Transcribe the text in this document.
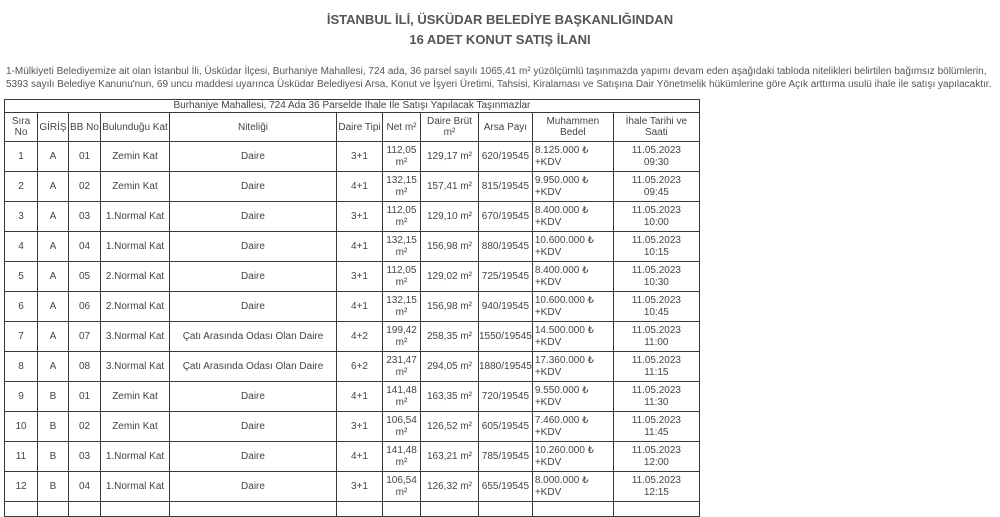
İSTANBUL İLİ, ÜSKÜDAR BELEDİYE BAŞKANLIĞINDAN
16 ADET KONUT SATIŞ İLANI

1-Mülkiyeti Belediyemize ait olan İstanbul İli, Üsküdar İlçesi, Burhaniye Mahallesi, 724 ada, 36 parsel sayılı 1065,41 m² yüzölçümlü taşınmazda yapımı devam eden aşağıdaki tabloda nitelikleri belirtilen bağımsız bölümlerin, 5393 sayılı Belediye Kanunu'nun, 69 uncu maddesi uyarınca Üsküdar Belediyesi Arsa, Konut ve İşyeri Üretimi, Tahsisi, Kiralaması ve Satışına Dair Yönetmelik hükümlerine göre Açık arttırma usulü ihale ile satışı yapılacaktır.

Burhaniye Mahallesi, 724 Ada 36 Parselde İhale İle Satışı Yapılacak Taşınmazlar										
Sıra No	GİRİŞ	BB No	Bulunduğu Kat	Niteliği	Daire Tipi	Net m²	Daire Brüt m²	Arsa Payı	Muhammen Bedel	İhale Tarihi ve Saati
1	A	01	Zemin Kat	Daire	3+1	112,05 m²	129,17 m²	620/19545	8.125.000 ₺+KDV	11.05.2023
09:30

2	A	02	Zemin Kat	Daire	4+1	132,15 m²	157,41 m²	815/19545	9.950.000 ₺+KDV	11.05.2023
09:45

3	A	03	1.Normal Kat	Daire	3+1	112,05 m²	129,10 m²	670/19545	8.400.000 ₺+KDV	11.05.2023
10:00

4	A	04	1.Normal Kat	Daire	4+1	132,15 m²	156,98 m²	880/19545	10.600.000 ₺+KDV	11.05.2023
10:15

5	A	05	2.Normal Kat	Daire	3+1	112,05 m²	129,02 m²	725/19545	8.400.000 ₺+KDV	11.05.2023
10:30

6	A	06	2.Normal Kat	Daire	4+1	132,15 m²	156,98 m²	940/19545	10.600.000 ₺+KDV	11.05.2023
10:45

7	A	07	3.Normal Kat	Çatı Arasında Odası Olan Daire	4+2	199,42 m²	258,35 m²	1550/19545	14.500.000 ₺+KDV	11.05.2023
11:00

8	A	08	3.Normal Kat	Çatı Arasında Odası Olan Daire	6+2	231,47 m²	294,05 m²	1880/19545	17.360.000 ₺+KDV	11.05.2023
11:15

9	B	01	Zemin Kat	Daire	4+1	141,48 m²	163,35 m²	720/19545	9.550.000 ₺+KDV	11.05.2023
11:30

10	B	02	Zemin Kat	Daire	3+1	106,54 m²	126,52 m²	605/19545	7.460.000 ₺+KDV	11.05.2023
11:45

11	B	03	1.Normal Kat	Daire	4+1	141,48 m²	163,21 m²	785/19545	10.260.000 ₺+KDV	11.05.2023
12:00

12	B	04	1.Normal Kat	Daire	3+1	106,54 m²	126,32 m²	655/19545	8.000.000 ₺+KDV	11.05.2023
12:15
